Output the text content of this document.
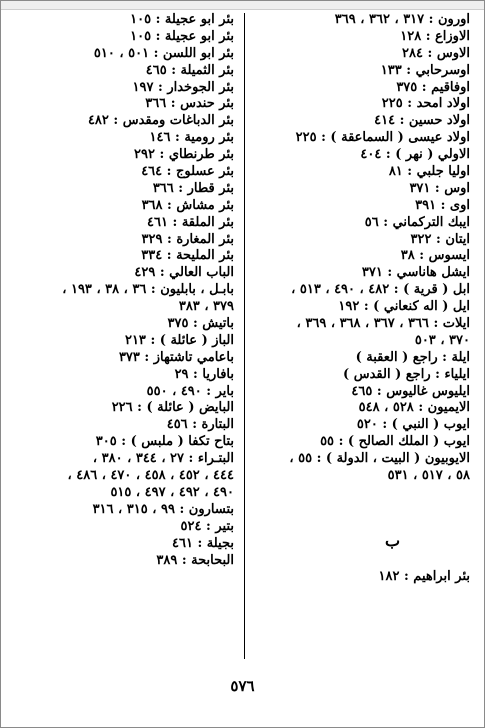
اورون : ٣١٧ ، ٣٦٢ ، ٣٦٩
الاوزاع : ١٢٨
الاوس : ٢٨٤
اوسرحابي : ١٣٣
اوفاقيم : ٣٧٥
اولاد امحد : ٢٢٥
اولاد حسين : ٤١٤
اولاد عيسى ( السماعقة ) : ٢٢٥
الاولي ( نهر ) : ٤٠٤
اوليا جلبي : ٨١
اوس : ٣٧١
اوى : ٣٩١
ايبك التركماني : ٥٦
ايتان : ٣٢٢
ايسوس : ٣٨
ايشل هاناسي : ٣٧١
ابل ( قرية ) : ٤٨٢ ، ٤٩٠ ، ٥١٣ ،
ايل ( اله كنعاني ) : ١٩٢
ايلات : ٣٦٦ ، ٣٦٧ ، ٣٦٨ ، ٣٦٩ ،
٣٧٠ ، ٥٠٣
ايلة : راجع ( العقبة )
ايلياء : راجع ( القدس )
ايليوس غاليوس : ٤٦٥
الايميون : ٥٢٨ ، ٥٤٨
ايوب ( النبي ) : ٥٢٠
ايوب ( الملك الصالح ) : ٥٥
الايوبيون ( البيت ، الدولة ) : ٥٥ ،
٥٨ ، ٥١٧ ، ٥٣١
ب
بئر ابراهيم : ١٨٢
بئر ابو عجيلة : ١٠٥
بئر ابو عجيلة : ١٠٥
بئر ابو اللسن : ٥٠١ ، ٥١٠
بئر الثميلة : ٤٦٥
بئر الجوخدار : ١٩٧
بئر حندس : ٣٦٦
بئر الدباغات ومقدس : ٤٨٢
بئر رومية : ١٤٦
بئر طرنطاي : ٢٩٢
بئر عسلوج : ٤٦٤
بئر قطار : ٣٦٦
بئر مشاش : ٣٦٨
بئر الملقة : ٤٦١
بئر المغارة : ٣٢٩
بئر المليحة : ٣٣٤
الباب العالي : ٤٢٩
بابـل ، بابليون : ٣٦ ، ٣٨ ، ١٩٣ ،
٣٧٩ ، ٣٨٣
باتيش : ٣٧٥
الباز ( عائلة ) : ٢١٣
باعامي تاشتهاز : ٣٧٣
بافاريا : ٢٩
باير : ٤٩٠ ، ٥٥٠
البايض ( عائلة ) : ٢٢٦
البتارة : ٤٥٦
بتاح تكفا ( ملبس ) : ٣٠٥
البتـراء : ٢٧ ، ٣٤٤ ، ٣٨٠ ،
٤٤٤ ، ٤٥٢ ، ٤٥٨ ، ٤٧٠ ، ٤٨٦ ،
٤٩٠ ، ٤٩٢ ، ٤٩٧ ، ٥١٥
بتسارون : ٩٩ ، ٣١٥ ، ٣١٦
بتير : ٥٢٤
بجيلة : ٤٦١
البحابحة : ٣٨٩
٥٧٦
